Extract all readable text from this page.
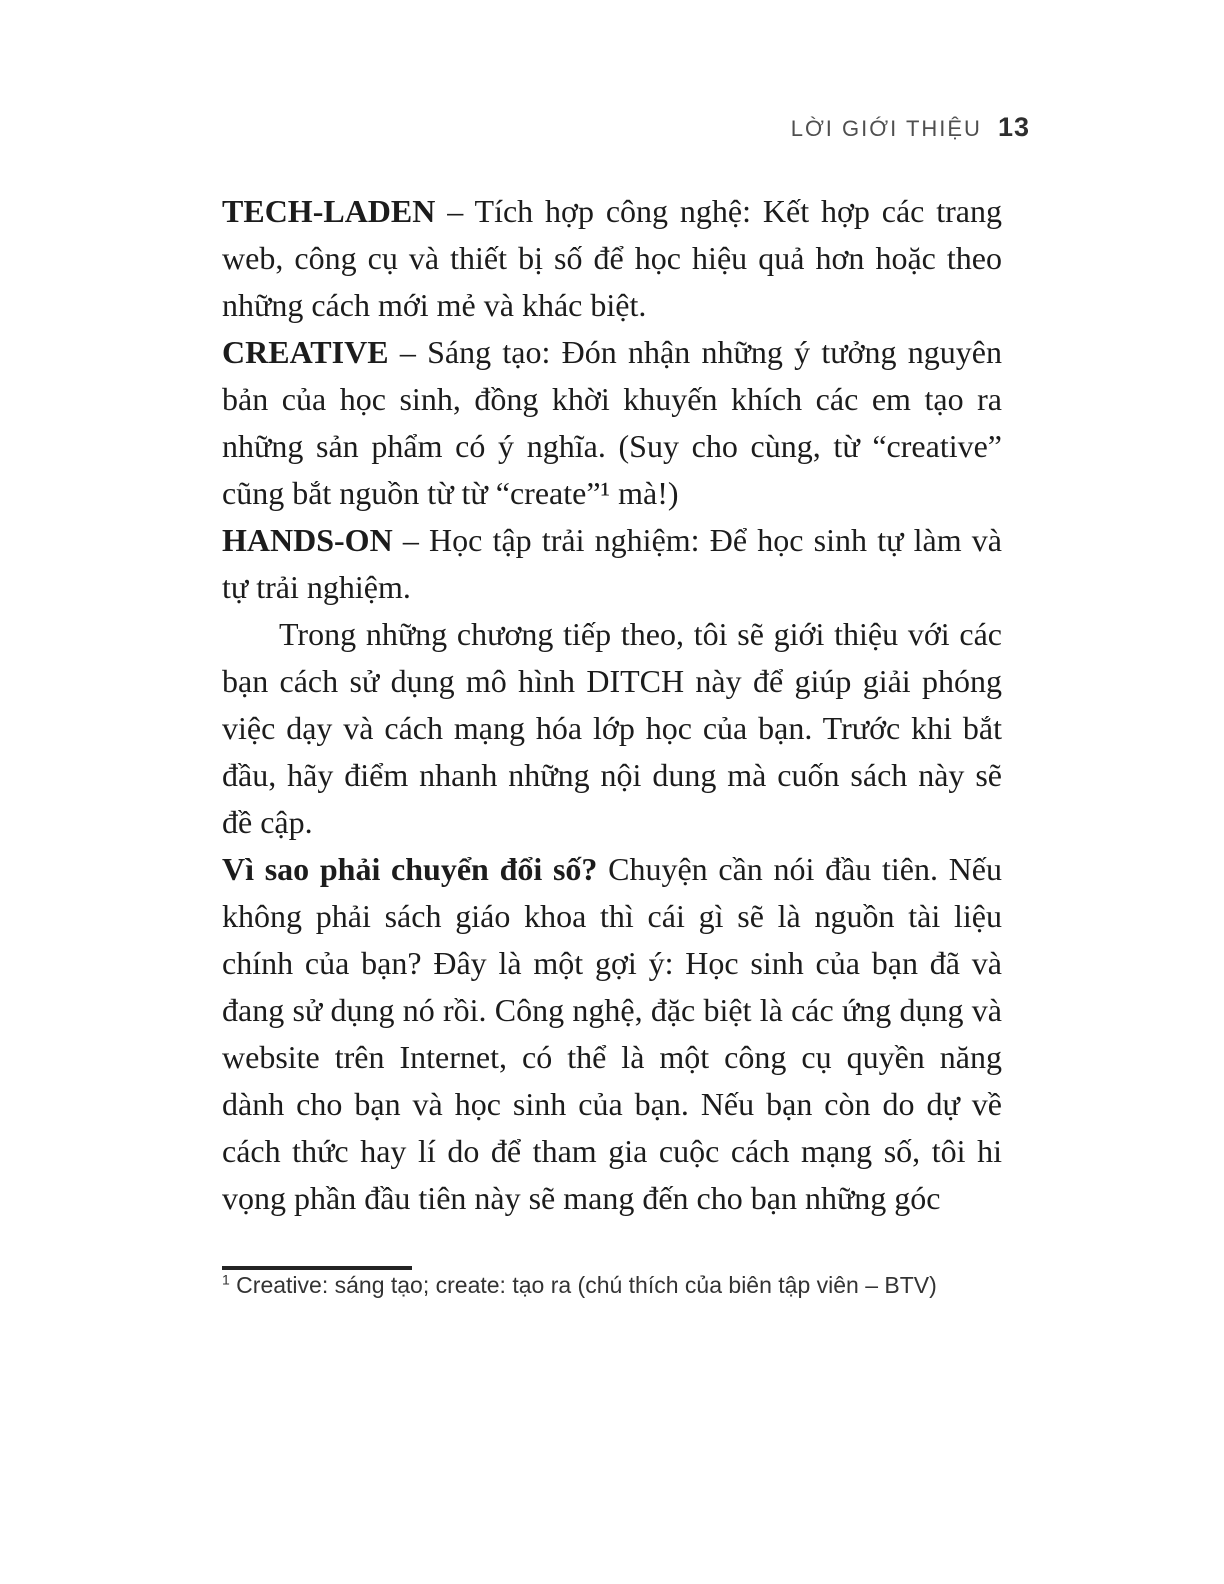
LỜI GIỚI THIỆU 13

TECH-LADEN – Tích hợp công nghệ: Kết hợp các trang web, công cụ và thiết bị số để học hiệu quả hơn hoặc theo những cách mới mẻ và khác biệt.

CREATIVE – Sáng tạo: Đón nhận những ý tưởng nguyên bản của học sinh, đồng khời khuyến khích các em tạo ra những sản phẩm có ý nghĩa. (Suy cho cùng, từ “creative” cũng bắt nguồn từ từ “create”¹ mà!)

HANDS-ON – Học tập trải nghiệm: Để học sinh tự làm và tự trải nghiệm.

Trong những chương tiếp theo, tôi sẽ giới thiệu với các bạn cách sử dụng mô hình DITCH này để giúp giải phóng việc dạy và cách mạng hóa lớp học của bạn. Trước khi bắt đầu, hãy điểm nhanh những nội dung mà cuốn sách này sẽ đề cập.

Vì sao phải chuyển đổi số? Chuyện cần nói đầu tiên. Nếu không phải sách giáo khoa thì cái gì sẽ là nguồn tài liệu chính của bạn? Đây là một gợi ý: Học sinh của bạn đã và đang sử dụng nó rồi. Công nghệ, đặc biệt là các ứng dụng và website trên Internet, có thể là một công cụ quyền năng dành cho bạn và học sinh của bạn. Nếu bạn còn do dự về cách thức hay lí do để tham gia cuộc cách mạng số, tôi hi vọng phần đầu tiên này sẽ mang đến cho bạn những góc

$^1$ Creative: sáng tạo; create: tạo ra (chú thích của biên tập viên – BTV)
